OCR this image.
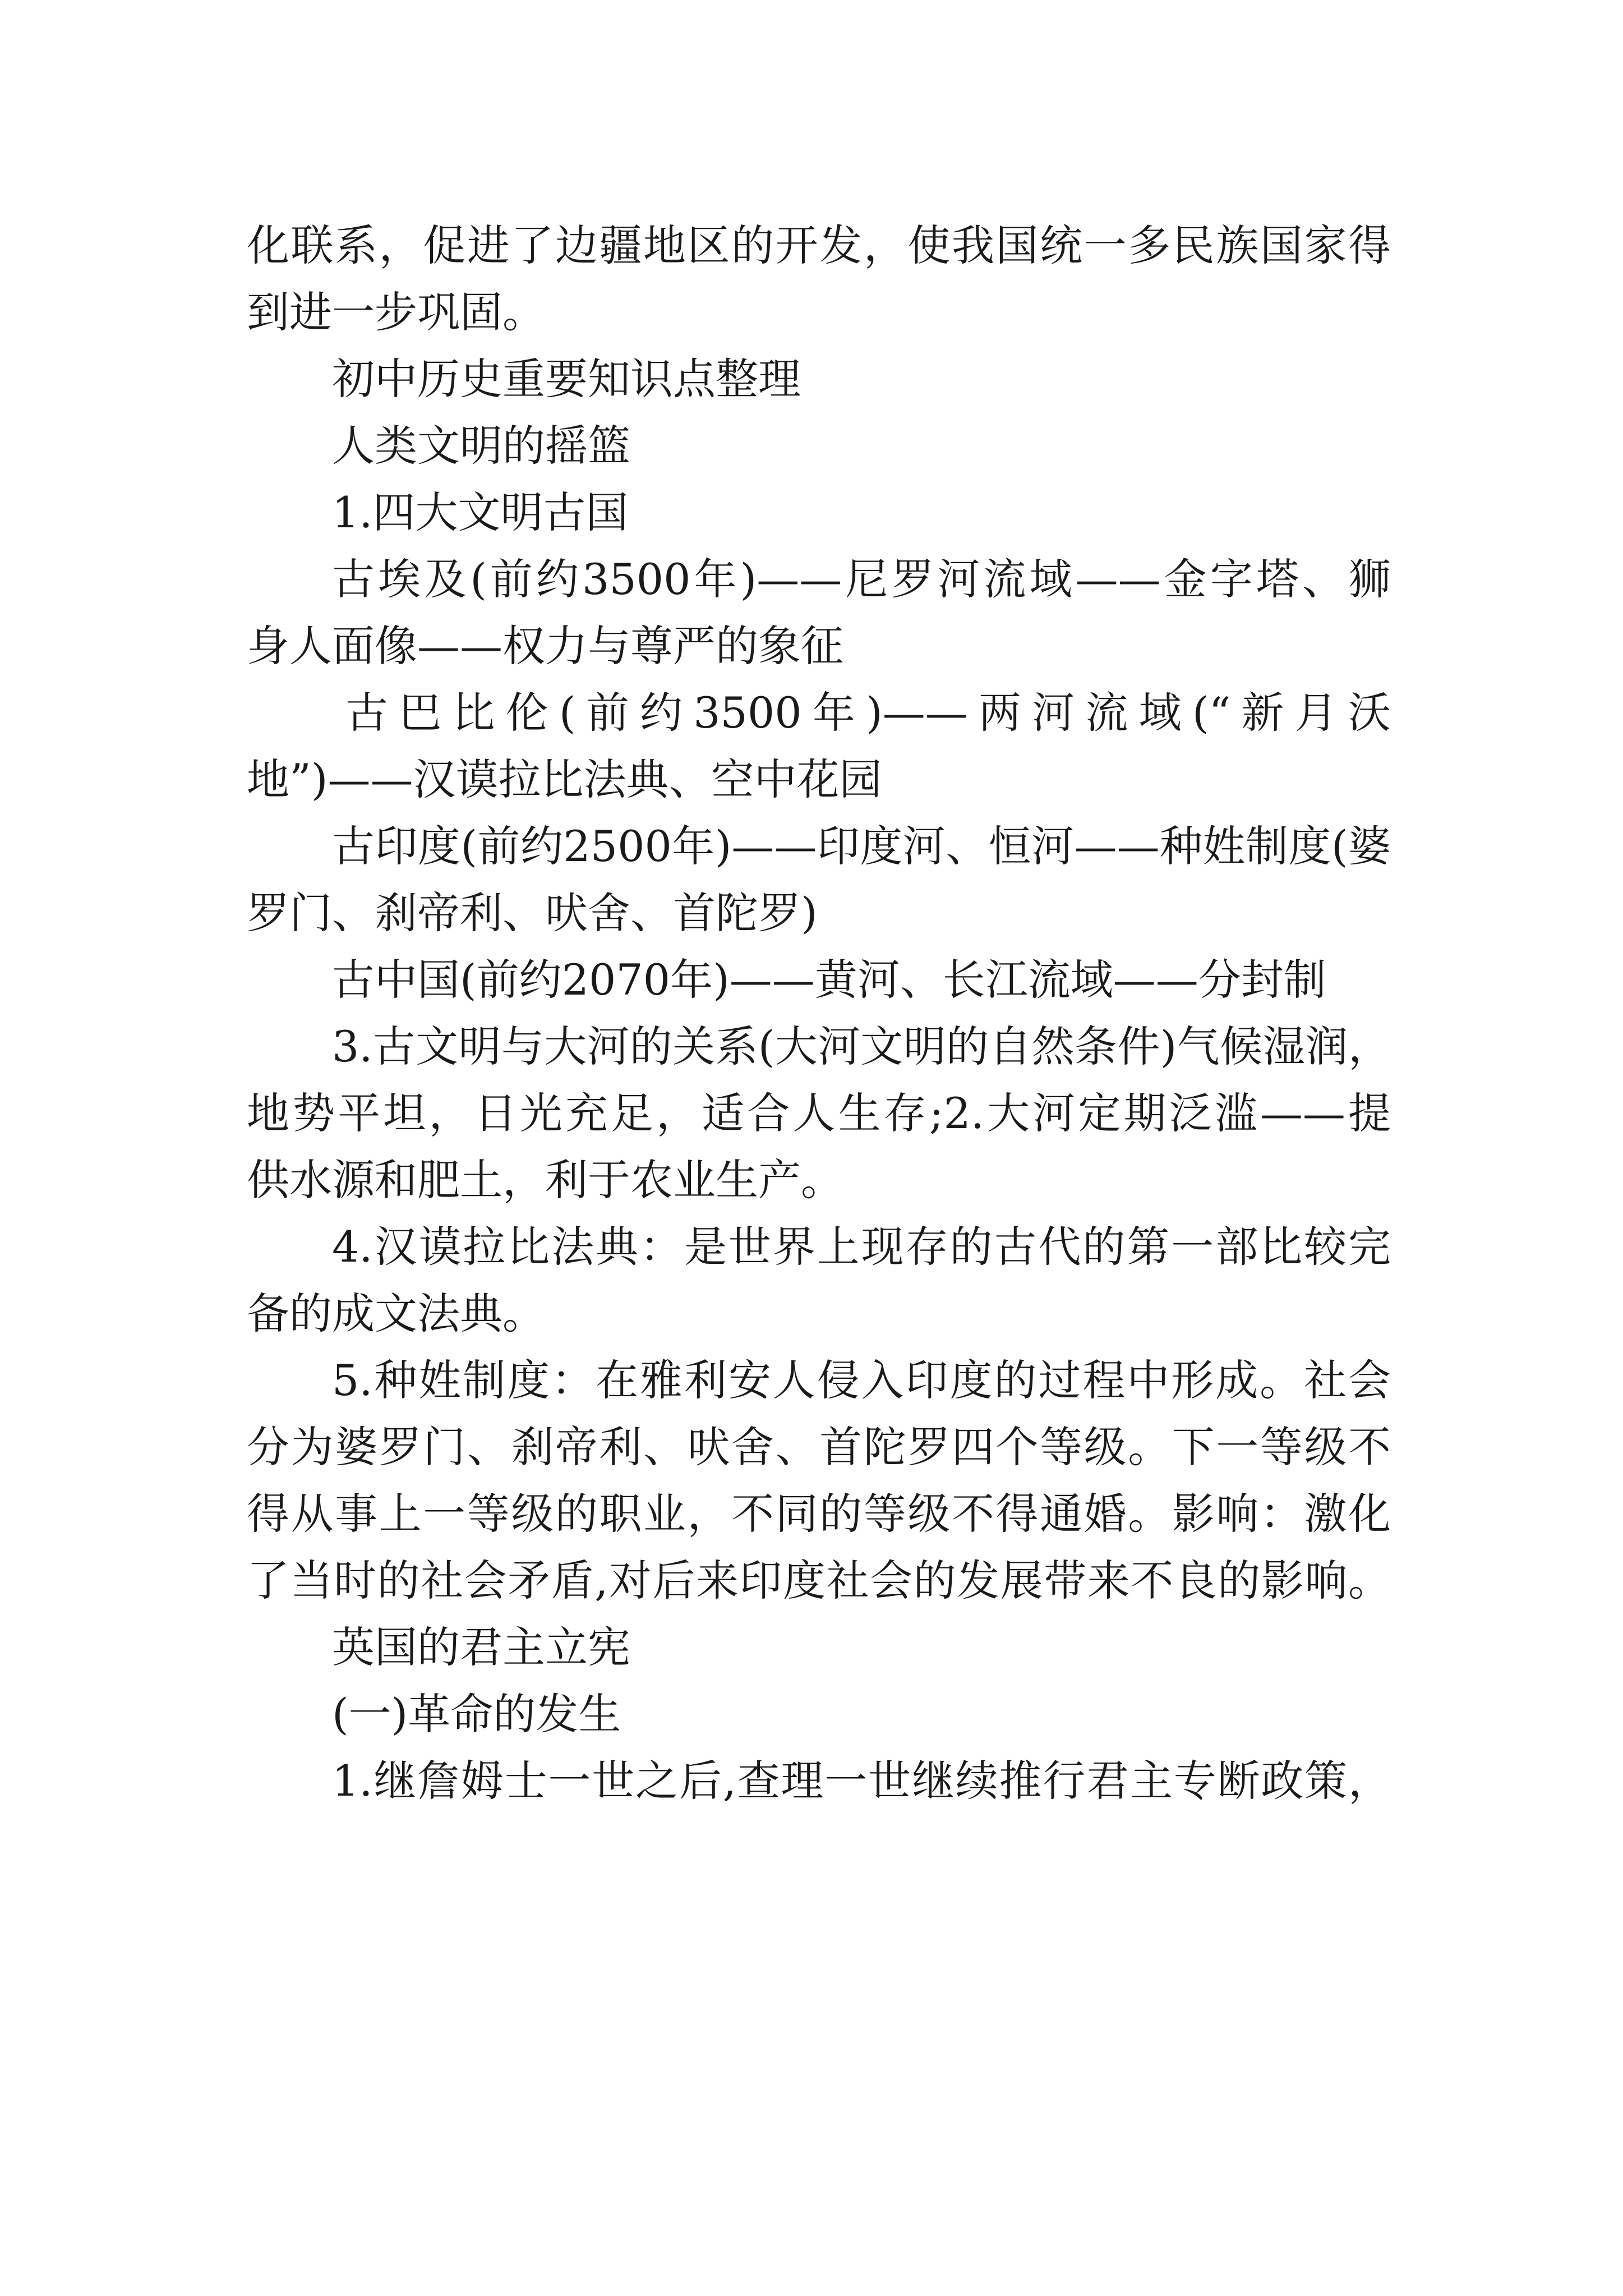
化联系，促进了边疆地区的开发，使我国统一多民族国家得
到进一步巩固。
初中历史重要知识点整理
人类文明的摇篮
1.四大文明古国
古埃及(前约3500年)——尼罗河流域——金字塔、狮
身人面像——权力与尊严的象征
古巴比伦(前约3500年)——两河流域(“新月沃
地”)——汉谟拉比法典、空中花园
古印度(前约2500年)——印度河、恒河——种姓制度(婆
罗门、刹帝利、吠舍、首陀罗)
古中国(前约2070年)——黄河、长江流域——分封制
3.古文明与大河的关系(大河文明的自然条件)气候湿润，
地势平坦，日光充足，适合人生存;2.大河定期泛滥——提
供水源和肥土，利于农业生产。
4.汉谟拉比法典：是世界上现存的古代的第一部比较完
备的成文法典。
5.种姓制度：在雅利安人侵入印度的过程中形成。社会
分为婆罗门、刹帝利、吠舍、首陀罗四个等级。下一等级不
得从事上一等级的职业，不同的等级不得通婚。影响：激化
了当时的社会矛盾,对后来印度社会的发展带来不良的影响。
英国的君主立宪
(一)革命的发生
1.继詹姆士一世之后,查理一世继续推行君主专断政策，
